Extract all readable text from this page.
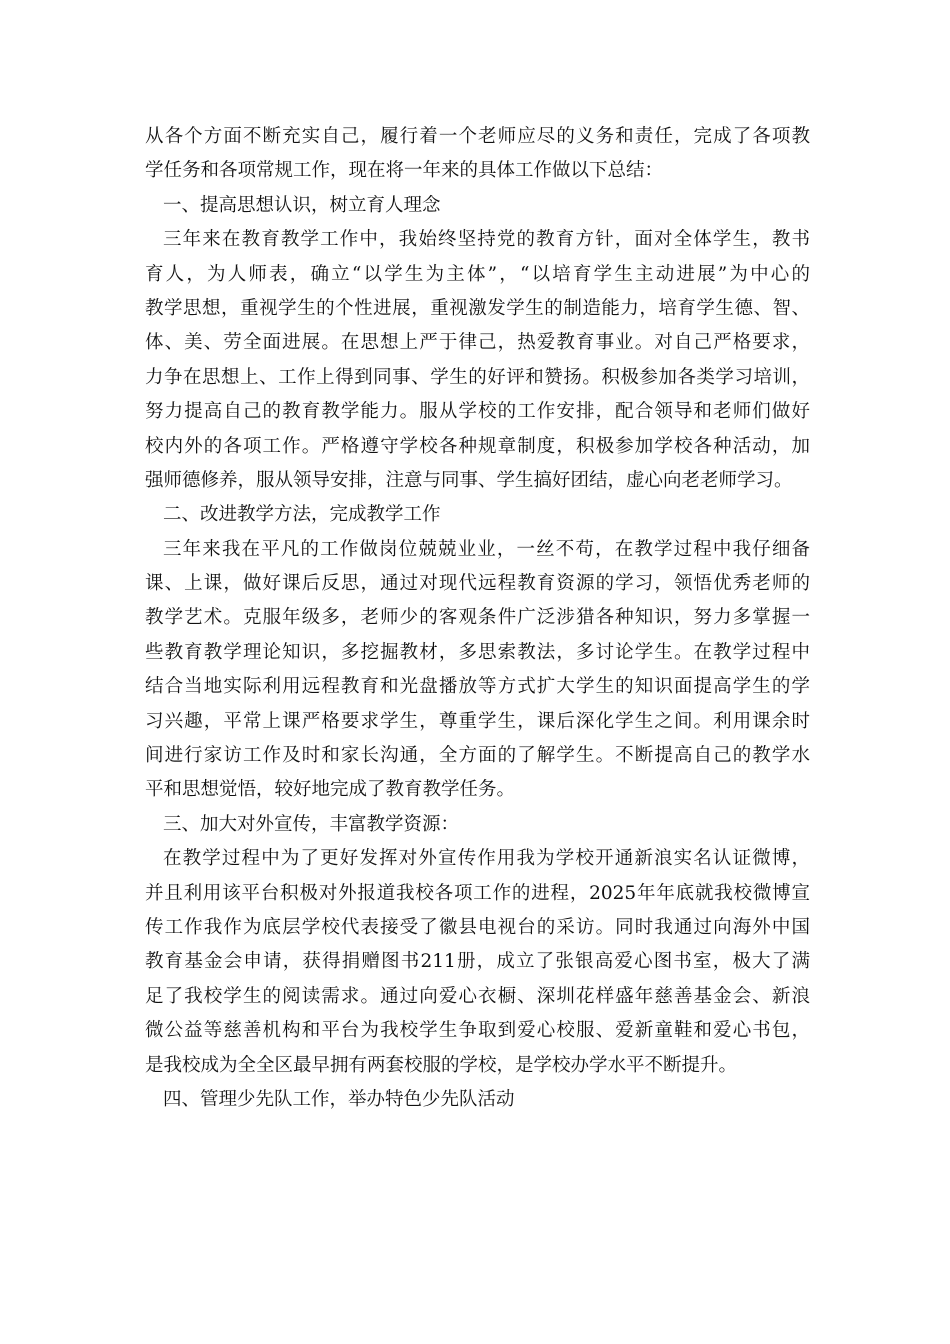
从各个方面不断充实自己，履行着一个老师应尽的义务和责任，完成了各项教
学任务和各项常规工作，现在将一年来的具体工作做以下总结：
一、提高思想认识，树立育人理念
三年来在教育教学工作中，我始终坚持党的教育方针，面对全体学生，教书
育人，为人师表，确立“以学生为主体”，“以培育学生主动进展”为中心的
教学思想，重视学生的个性进展，重视激发学生的制造能力，培育学生德、智、
体、美、劳全面进展。在思想上严于律己，热爱教育事业。对自己严格要求，
力争在思想上、工作上得到同事、学生的好评和赞扬。积极参加各类学习培训，
努力提高自己的教育教学能力。服从学校的工作安排，配合领导和老师们做好
校内外的各项工作。严格遵守学校各种规章制度，积极参加学校各种活动，加
强师德修养，服从领导安排，注意与同事、学生搞好团结，虚心向老老师学习。
二、改进教学方法，完成教学工作
三年来我在平凡的工作做岗位兢兢业业，一丝不苟，在教学过程中我仔细备
课、上课，做好课后反思，通过对现代远程教育资源的学习，领悟优秀老师的
教学艺术。克服年级多，老师少的客观条件广泛涉猎各种知识，努力多掌握一
些教育教学理论知识，多挖掘教材，多思索教法，多讨论学生。在教学过程中
结合当地实际利用远程教育和光盘播放等方式扩大学生的知识面提高学生的学
习兴趣，平常上课严格要求学生，尊重学生，课后深化学生之间。利用课余时
间进行家访工作及时和家长沟通，全方面的了解学生。不断提高自己的教学水
平和思想觉悟，较好地完成了教育教学任务。
三、加大对外宣传，丰富教学资源：
在教学过程中为了更好发挥对外宣传作用我为学校开通新浪实名认证微博，
并且利用该平台积极对外报道我校各项工作的进程，2025年年底就我校微博宣
传工作我作为底层学校代表接受了徽县电视台的采访。同时我通过向海外中国
教育基金会申请，获得捐赠图书211册，成立了张银高爱心图书室，极大了满
足了我校学生的阅读需求。通过向爱心衣橱、深圳花样盛年慈善基金会、新浪
微公益等慈善机构和平台为我校学生争取到爱心校服、爱新童鞋和爱心书包，
是我校成为全全区最早拥有两套校服的学校，是学校办学水平不断提升。
四、管理少先队工作，举办特色少先队活动
